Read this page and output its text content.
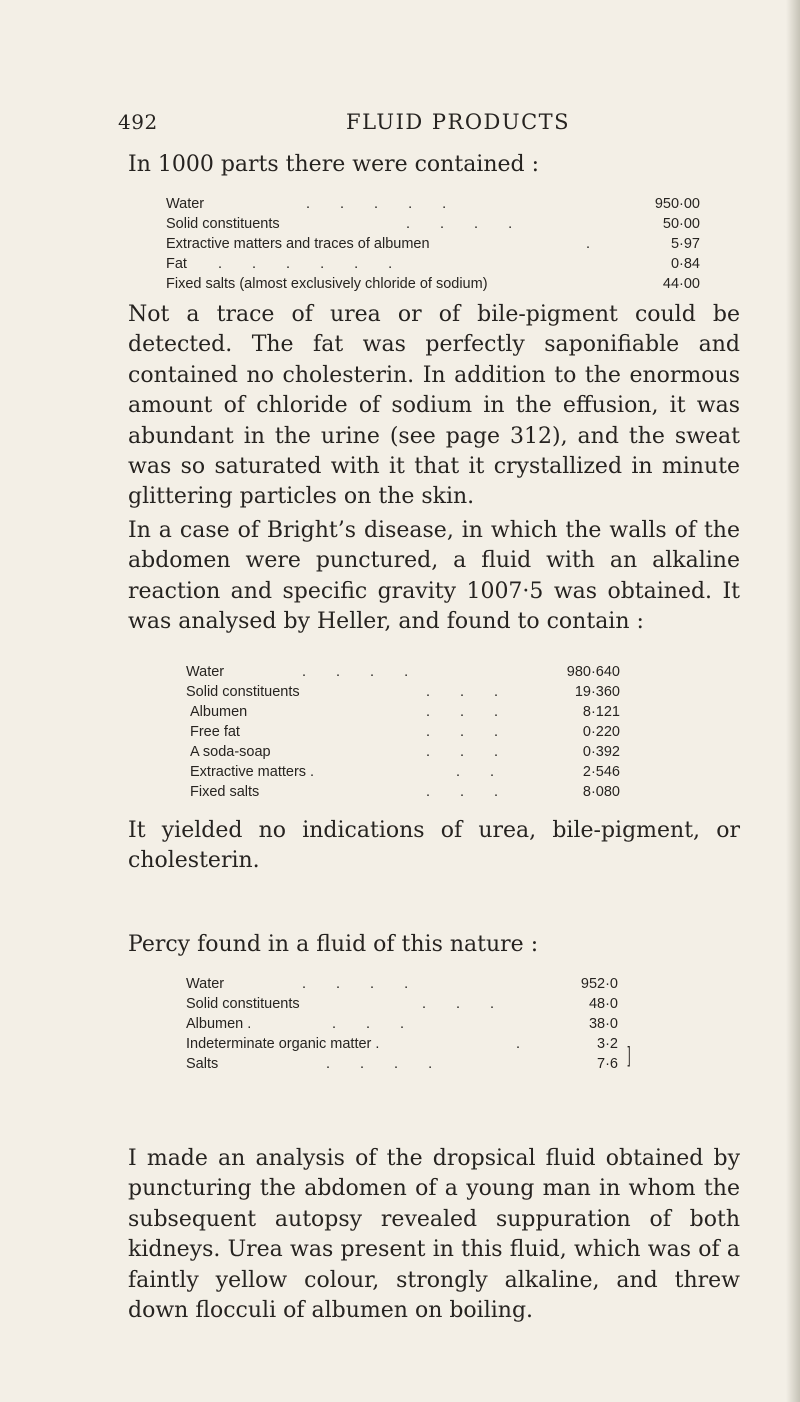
492	FLUID PRODUCTS
In 1000 parts there were contained :
Water	.....	950·00
Solid constituents	....	50·00
Extractive matters and traces of albumen	.	5·97
Fat ......	0·84
Fixed salts (almost exclusively chloride of sodium)	44·00
Not a trace of urea or of bile-pigment could be detected. The fat was perfectly saponifiable and contained no cholesterin. In addition to the enormous amount of chloride of sodium in the effusion, it was abundant in the urine (see page 312), and the sweat was so saturated with it that it crystallized in minute glittering particles on the skin.
In a case of Bright’s disease, in which the walls of the abdomen were punctured, a fluid with an alkaline reaction and specific gravity 1007·5 was obtained. It was analysed by Heller, and found to contain :
Water	....	980·640
Solid constituents	...	19·360
Albumen	...	8·121
Free fat	...	0·220
A soda-soap	...	0·392
Extractive matters .	..	2·546
Fixed salts	...	8·080
It yielded no indications of urea, bile-pigment, or cholesterin.
Percy found in a fluid of this nature :
Water	....	952·0
Solid constituents	...	48·0
Albumen .	...	38·0
Indeterminate organic matter .	.	3·2
Salts	....	7·6 ]
I made an analysis of the dropsical fluid obtained by puncturing the abdomen of a young man in whom the subsequent autopsy revealed suppuration of both kidneys. Urea was present in this fluid, which was of a faintly yellow colour, strongly alkaline, and threw down flocculi of albumen on boiling.
